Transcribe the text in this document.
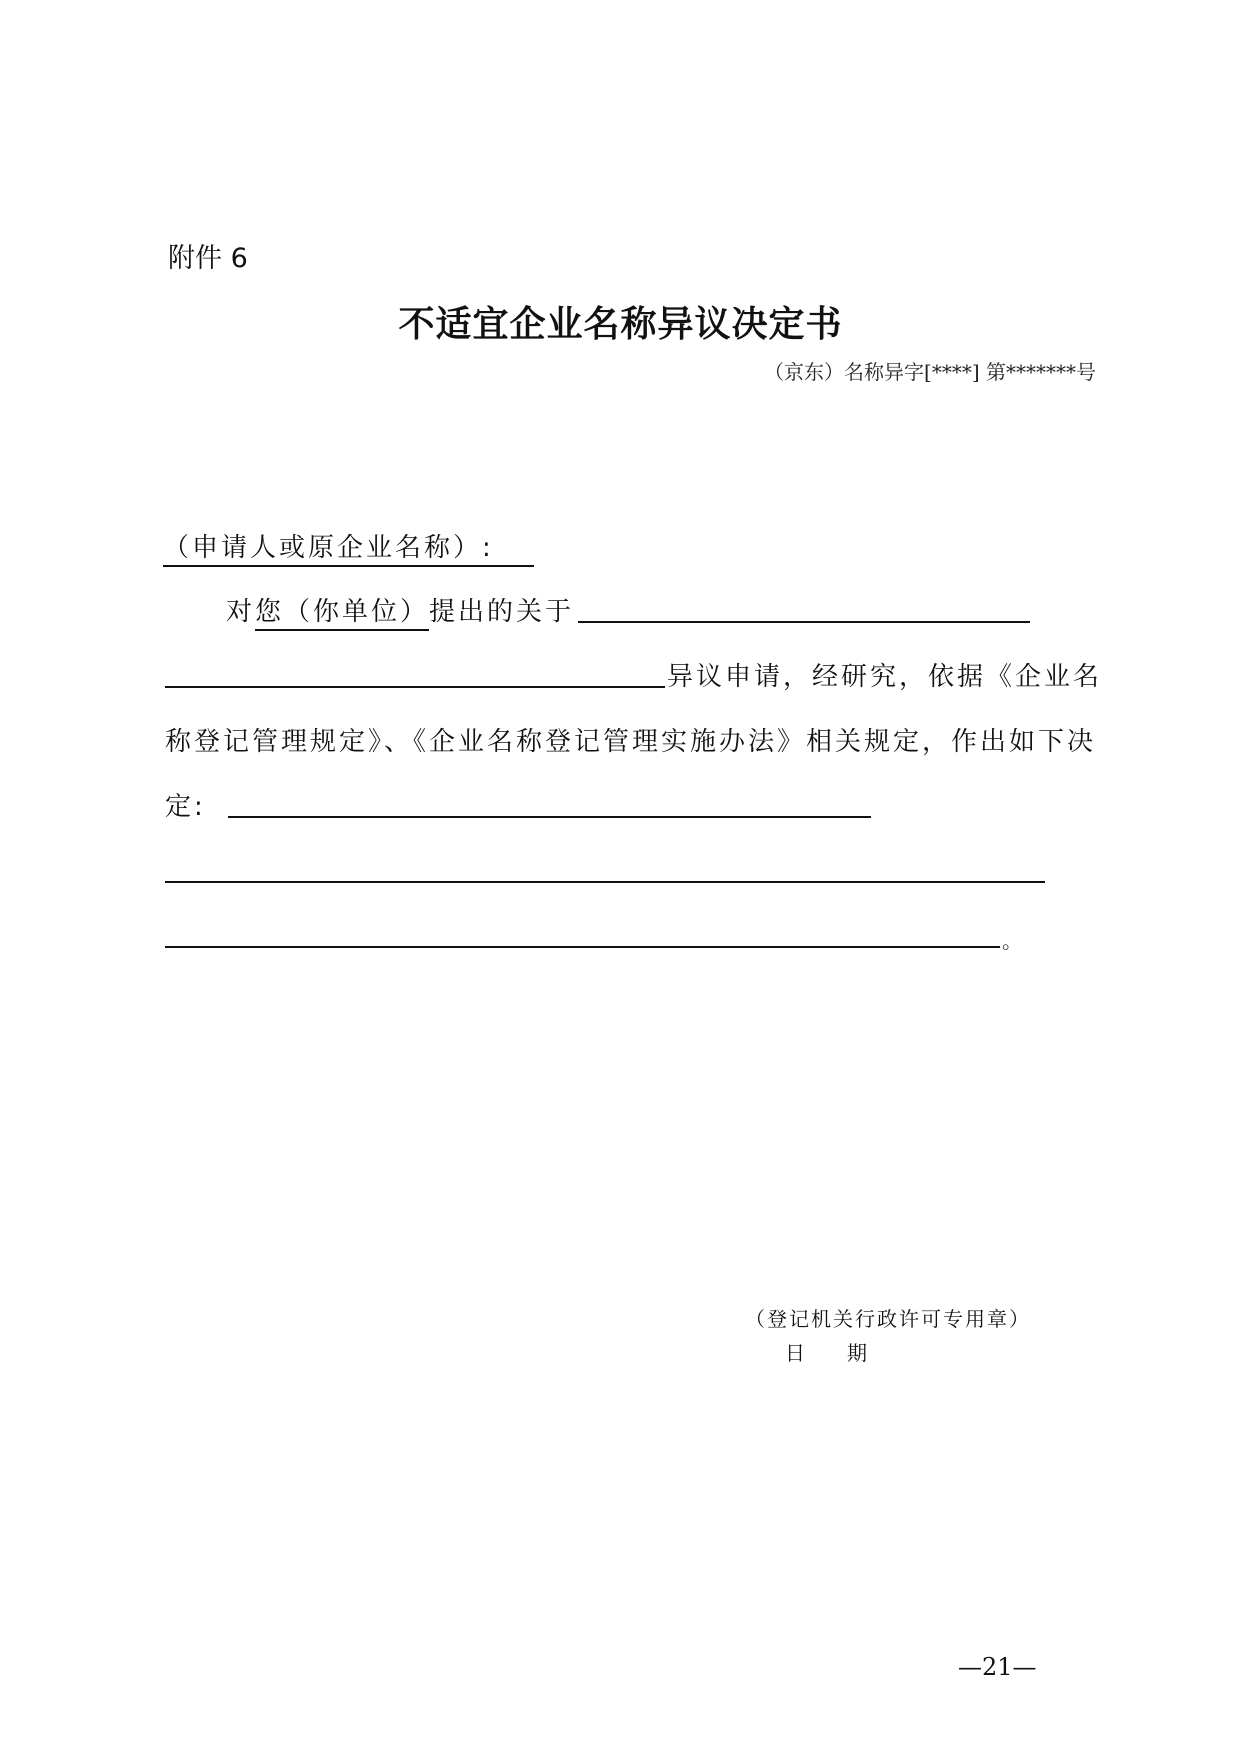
附件 6
不适宜企业名称异议决定书
（京东）名称异字[****] 第*******号
（申请人或原企业名称）:
对您（你单位）提出的关于
异议申请，经研究，依据《企业名
称登记管理规定》、《企业名称登记管理实施办法》相关规定，作出如下决
定:
。
（登记机关行政许可专用章）
日 期
—21—
